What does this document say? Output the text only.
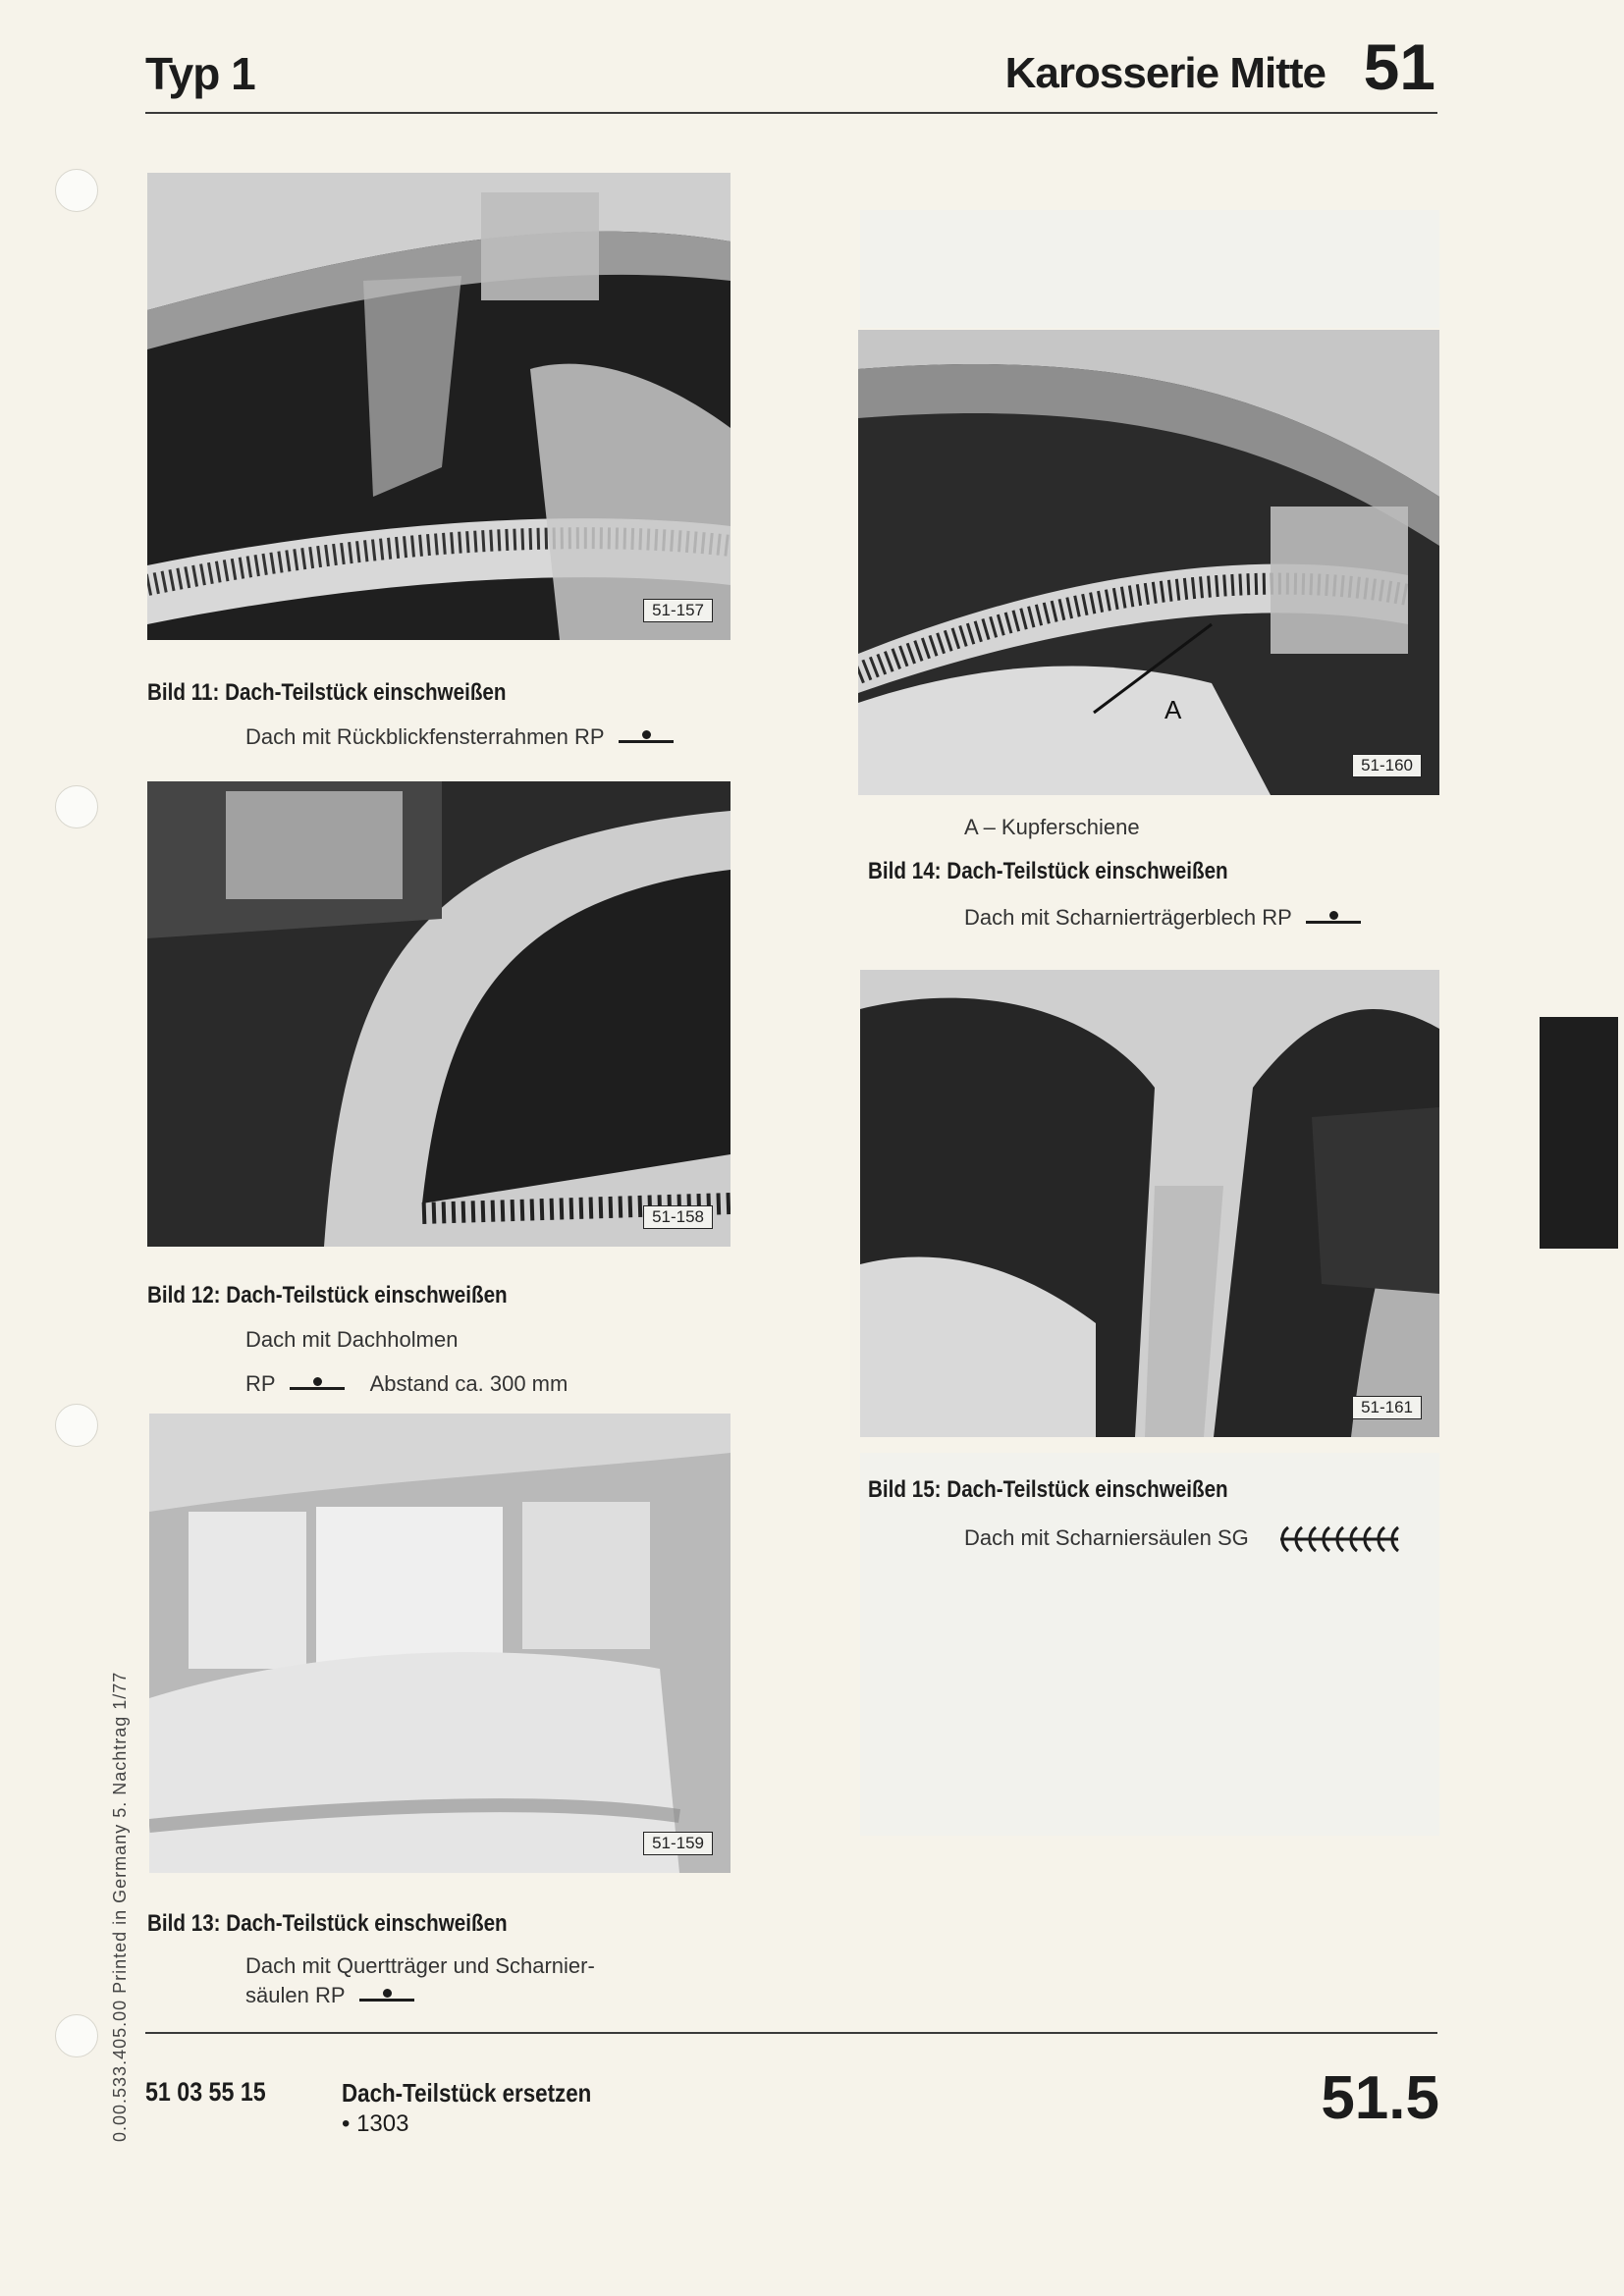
Typ 1	Karosserie Mitte 51
51-157
Bild 11: Dach-Teilstück einschweißen
Dach mit Rückblickfensterrahmen RP
51-158
Bild 12: Dach-Teilstück einschweißen
Dach mit Dachholmen
RP	Abstand ca. 300 mm
51-159
Bild 13: Dach-Teilstück einschweißen
Dach mit Quertträger und Scharnier-
säulen RP
A
51-160
A – Kupferschiene
Bild 14: Dach-Teilstück einschweißen
Dach mit Scharnierträgerblech RP
51-161
Bild 15: Dach-Teilstück einschweißen
Dach mit Scharniersäulen SG
0.00.533.405.00 Printed in Germany 5. Nachtrag 1/77 51 03 55 15	Dach-Teilstück ersetzen
• 1303	51.5
